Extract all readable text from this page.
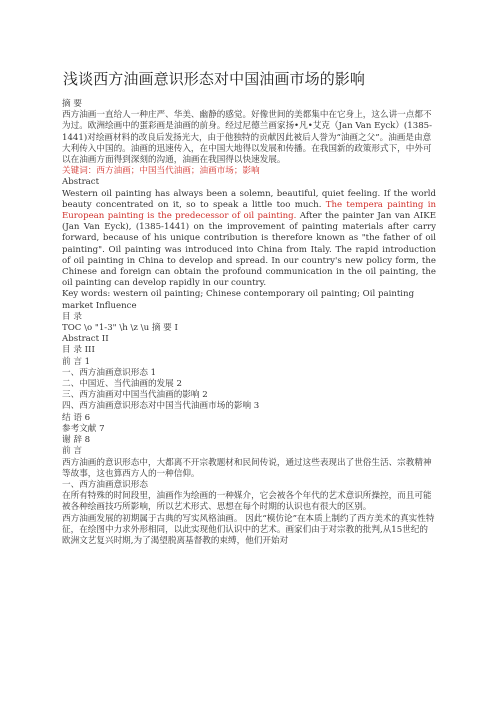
浅谈西方油画意识形态对中国油画市场的影响
摘 要

西方油画一直给人一种庄严、华美、幽静的感觉。好像世间的美都集中在它身上，这么讲一点都不为过。欧洲绘画中的蛋彩画是油画的前身。经过尼德兰画家扬•凡•艾克（Jan Van Eyck）(1385-1441)对绘画材料的改良后发扬光大，由于他独特的贡献因此被后人誉为“油画之父”。油画是由意大利传入中国的。油画的迅速传入，在中国大地得以发展和传播。在我国新的政策形式下，中外可以在油画方面得到深刻的沟通，油画在我国得以快速发展。

关键词：西方油画；中国当代油画；油画市场；影响
Abstract

Western oil painting has always been a solemn, beautiful, quiet feeling. If the world beauty concentrated on it, so to speak a little too much. The tempera painting in European painting is the predecessor of oil painting. After the painter Jan van AIKE (Jan Van Eyck), (1385-1441) on the improvement of painting materials after carry forward, because of his unique contribution is therefore known as "the father of oil painting". Oil painting was introduced into China from Italy. The rapid introduction of oil painting in China to develop and spread. In our country's new policy form, the Chinese and foreign can obtain the profound communication in the oil painting, the oil painting can develop rapidly in our country.

Key words: western oil painting; Chinese contemporary oil painting; Oil painting market Influence

目 录
TOC \o "1-3" \h \z \u 摘 要 I
Abstract II
目 录 III
前 言 1
一、西方油画意识形态 1
二、中国近、当代油画的发展 2
三、西方油画对中国当代油画的影响 2
四、西方油画意识形态对中国当代油画市场的影响 3
结 语 6
参考文献 7
谢 辞 8
前 言

西方油画的意识形态中，大都离不开宗教题材和民间传说，通过这些表现出了世俗生活、宗教精神等故事，这也算西方人的一种信仰。

一、西方油画意识形态

在所有特殊的时间段里，油画作为绘画的一种媒介，它会被各个年代的艺术意识所操控，而且可能被各种绘画技巧所影响，所以艺术形式、思想在每个时期的认识也有很大的区别。

西方油画发展的初期属于古典的写实风格油画。 因此“模仿论”在本质上制约了西方美术的真实性特征，在绘图中力求外形相同，以此实现他们认识中的艺术。画家们由于对宗教的批判,从15世纪的欧洲文艺复兴时期,为了渴望脱离基督教的束缚，他们开始对
